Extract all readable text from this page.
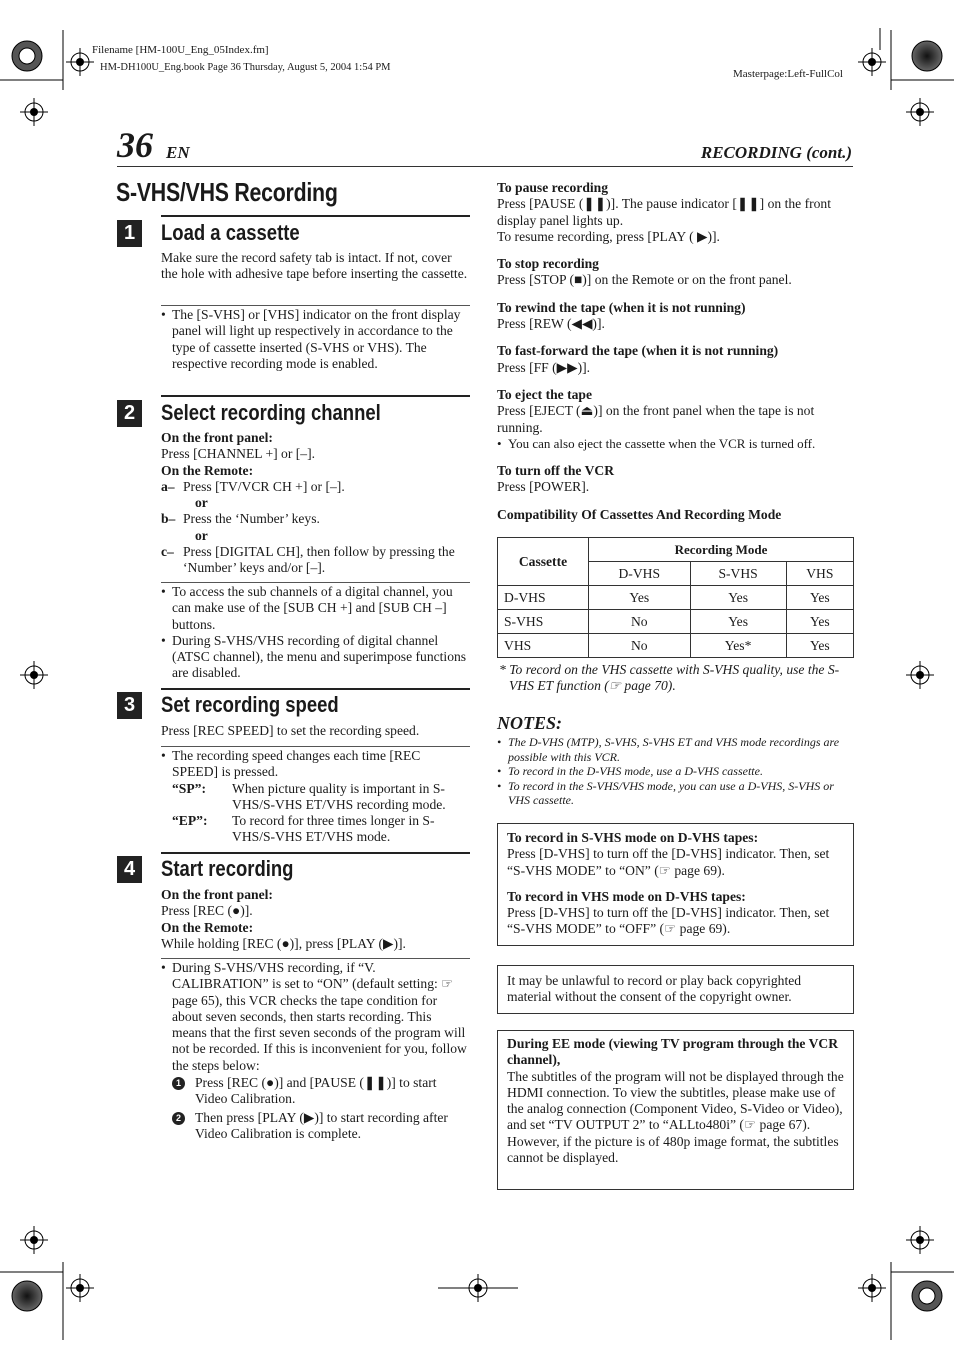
Filename [HM-100U_Eng_05Index.fm]
HM-DH100U_Eng.book Page 36 Thursday, August 5, 2004 1:54 PM
Masterpage:Left-FullCol
36 EN	RECORDING (cont.)
S-VHS/VHS Recording
1	Load a cassette
Make sure the record safety tab is intact. If not, cover the hole with adhesive tape before inserting the cassette.
• The [S-VHS] or [VHS] indicator on the front display panel will light up respectively in accordance to the type of cassette inserted (S-VHS or VHS). The respective recording mode is enabled.
2	Select recording channel
On the front panel:
Press [CHANNEL +] or [–].
On the Remote:
a– Press [TV/VCR CH +] or [–].
or
b– Press the ‘Number’ keys.
or
c– Press [DIGITAL CH], then follow by pressing the ‘Number’ keys and/or [–].
• To access the sub channels of a digital channel, you can make use of the [SUB CH +] and [SUB CH –] buttons.
• During S-VHS/VHS recording of digital channel (ATSC channel), the menu and superimpose functions are disabled.
3	Set recording speed
Press [REC SPEED] to set the recording speed.
• The recording speed changes each time [REC SPEED] is pressed.
“SP”:	When picture quality is important in S-VHS/S-VHS ET/VHS recording mode.
“EP”:	To record for three times longer in S-VHS/S-VHS ET/VHS mode.
4	Start recording
On the front panel:
Press [REC (●)].
On the Remote:
While holding [REC (●)], press [PLAY (▶)].
• During S-VHS/VHS recording, if “V. CALIBRATION” is set to “ON” (default setting: ☞ page 65), this VCR checks the tape condition for about seven seconds, then starts recording. This means that the first seven seconds of the program will not be recorded. If this is inconvenient for you, follow the steps below:
1	Press [REC (●)] and [PAUSE (❚❚)] to start Video Calibration.
2	Then press [PLAY (▶)] to start recording after Video Calibration is complete.
To pause recording
Press [PAUSE (❚❚)]. The pause indicator [❚❚] on the front display panel lights up.
To resume recording, press [PLAY ( ▶)].
To stop recording
Press [STOP (■)] on the Remote or on the front panel.
To rewind the tape (when it is not running)
Press [REW (◀◀)].
To fast-forward the tape (when it is not running)
Press [FF (▶▶)].
To eject the tape
Press [EJECT (⏏)] on the front panel when the tape is not running.
• You can also eject the cassette when the VCR is turned off.
To turn off the VCR
Press [POWER].
Compatibility Of Cassettes And Recording Mode
Cassette	Recording Mode		
	D-VHS	S-VHS	VHS
D-VHS	Yes	Yes	Yes
S-VHS	No	Yes	Yes
VHS	No	Yes*	Yes
* To record on the VHS cassette with S-VHS quality, use the S-VHS ET function (☞ page 70).
NOTES:
• The D-VHS (MTP), S-VHS, S-VHS ET and VHS mode recordings are possible with this VCR.
• To record in the D-VHS mode, use a D-VHS cassette.
• To record in the S-VHS/VHS mode, you can use a D-VHS, S-VHS or VHS cassette.
To record in S-VHS mode on D-VHS tapes:
Press [D-VHS] to turn off the [D-VHS] indicator. Then, set “S-VHS MODE” to “ON” (☞ page 69).
To record in VHS mode on D-VHS tapes:
Press [D-VHS] to turn off the [D-VHS] indicator. Then, set “S-VHS MODE” to “OFF” (☞ page 69).
It may be unlawful to record or play back copyrighted material without the consent of the copyright owner.
During EE mode (viewing TV program through the VCR channel),
The subtitles of the program will not be displayed through the HDMI connection. To view the subtitles, please make use of the analog connection (Component Video, S-Video or Video), and set “TV OUTPUT 2” to “ALLto480i” (☞ page 67).
However, if the picture is of 480p image format, the subtitles cannot be displayed.
